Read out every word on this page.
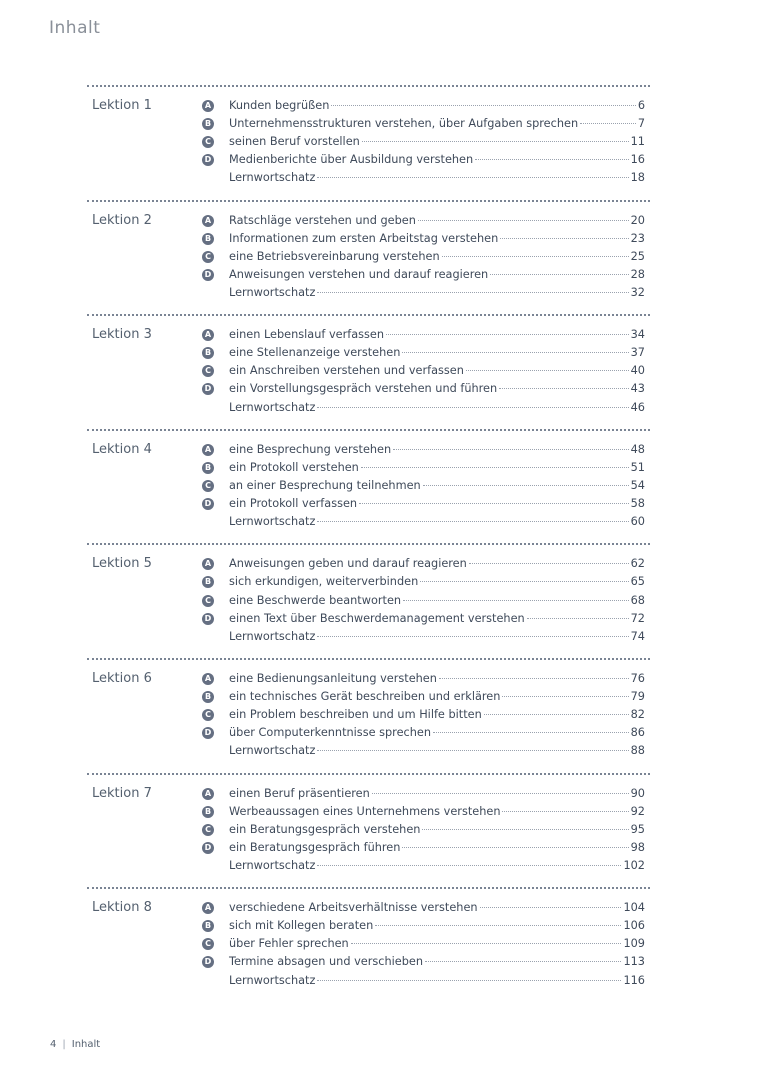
Inhalt
Lektion 1	A Kunden begrüßen	6
B Unternehmensstrukturen verstehen, über Aufgaben sprechen	7
C seinen Beruf vorstellen	11
D Medienberichte über Ausbildung verstehen	16
Lernwortschatz	18
Lektion 2	A Ratschläge verstehen und geben	20
B Informationen zum ersten Arbeitstag verstehen	23
C eine Betriebsvereinbarung verstehen	25
D Anweisungen verstehen und darauf reagieren	28
Lernwortschatz	32
Lektion 3	A einen Lebenslauf verfassen	34
B eine Stellenanzeige verstehen	37
C ein Anschreiben verstehen und verfassen	40
D ein Vorstellungsgespräch verstehen und führen	43
Lernwortschatz	46
Lektion 4	A eine Besprechung verstehen	48
B ein Protokoll verstehen	51
C an einer Besprechung teilnehmen	54
D ein Protokoll verfassen	58
Lernwortschatz	60
Lektion 5	A Anweisungen geben und darauf reagieren	62
B sich erkundigen, weiterverbinden	65
C eine Beschwerde beantworten	68
D einen Text über Beschwerdemanagement verstehen	72
Lernwortschatz	74
Lektion 6	A eine Bedienungsanleitung verstehen	76
B ein technisches Gerät beschreiben und erklären	79
C ein Problem beschreiben und um Hilfe bitten	82
D über Computerkenntnisse sprechen	86
Lernwortschatz	88
Lektion 7	A einen Beruf präsentieren	90
B Werbeaussagen eines Unternehmens verstehen	92
C ein Beratungsgespräch verstehen	95
D ein Beratungsgespräch führen	98
Lernwortschatz	102
Lektion 8	A verschiedene Arbeitsverhältnisse verstehen	104
B sich mit Kollegen beraten	106
C über Fehler sprechen	109
D Termine absagen und verschieben	113
Lernwortschatz	116
4 | Inhalt
